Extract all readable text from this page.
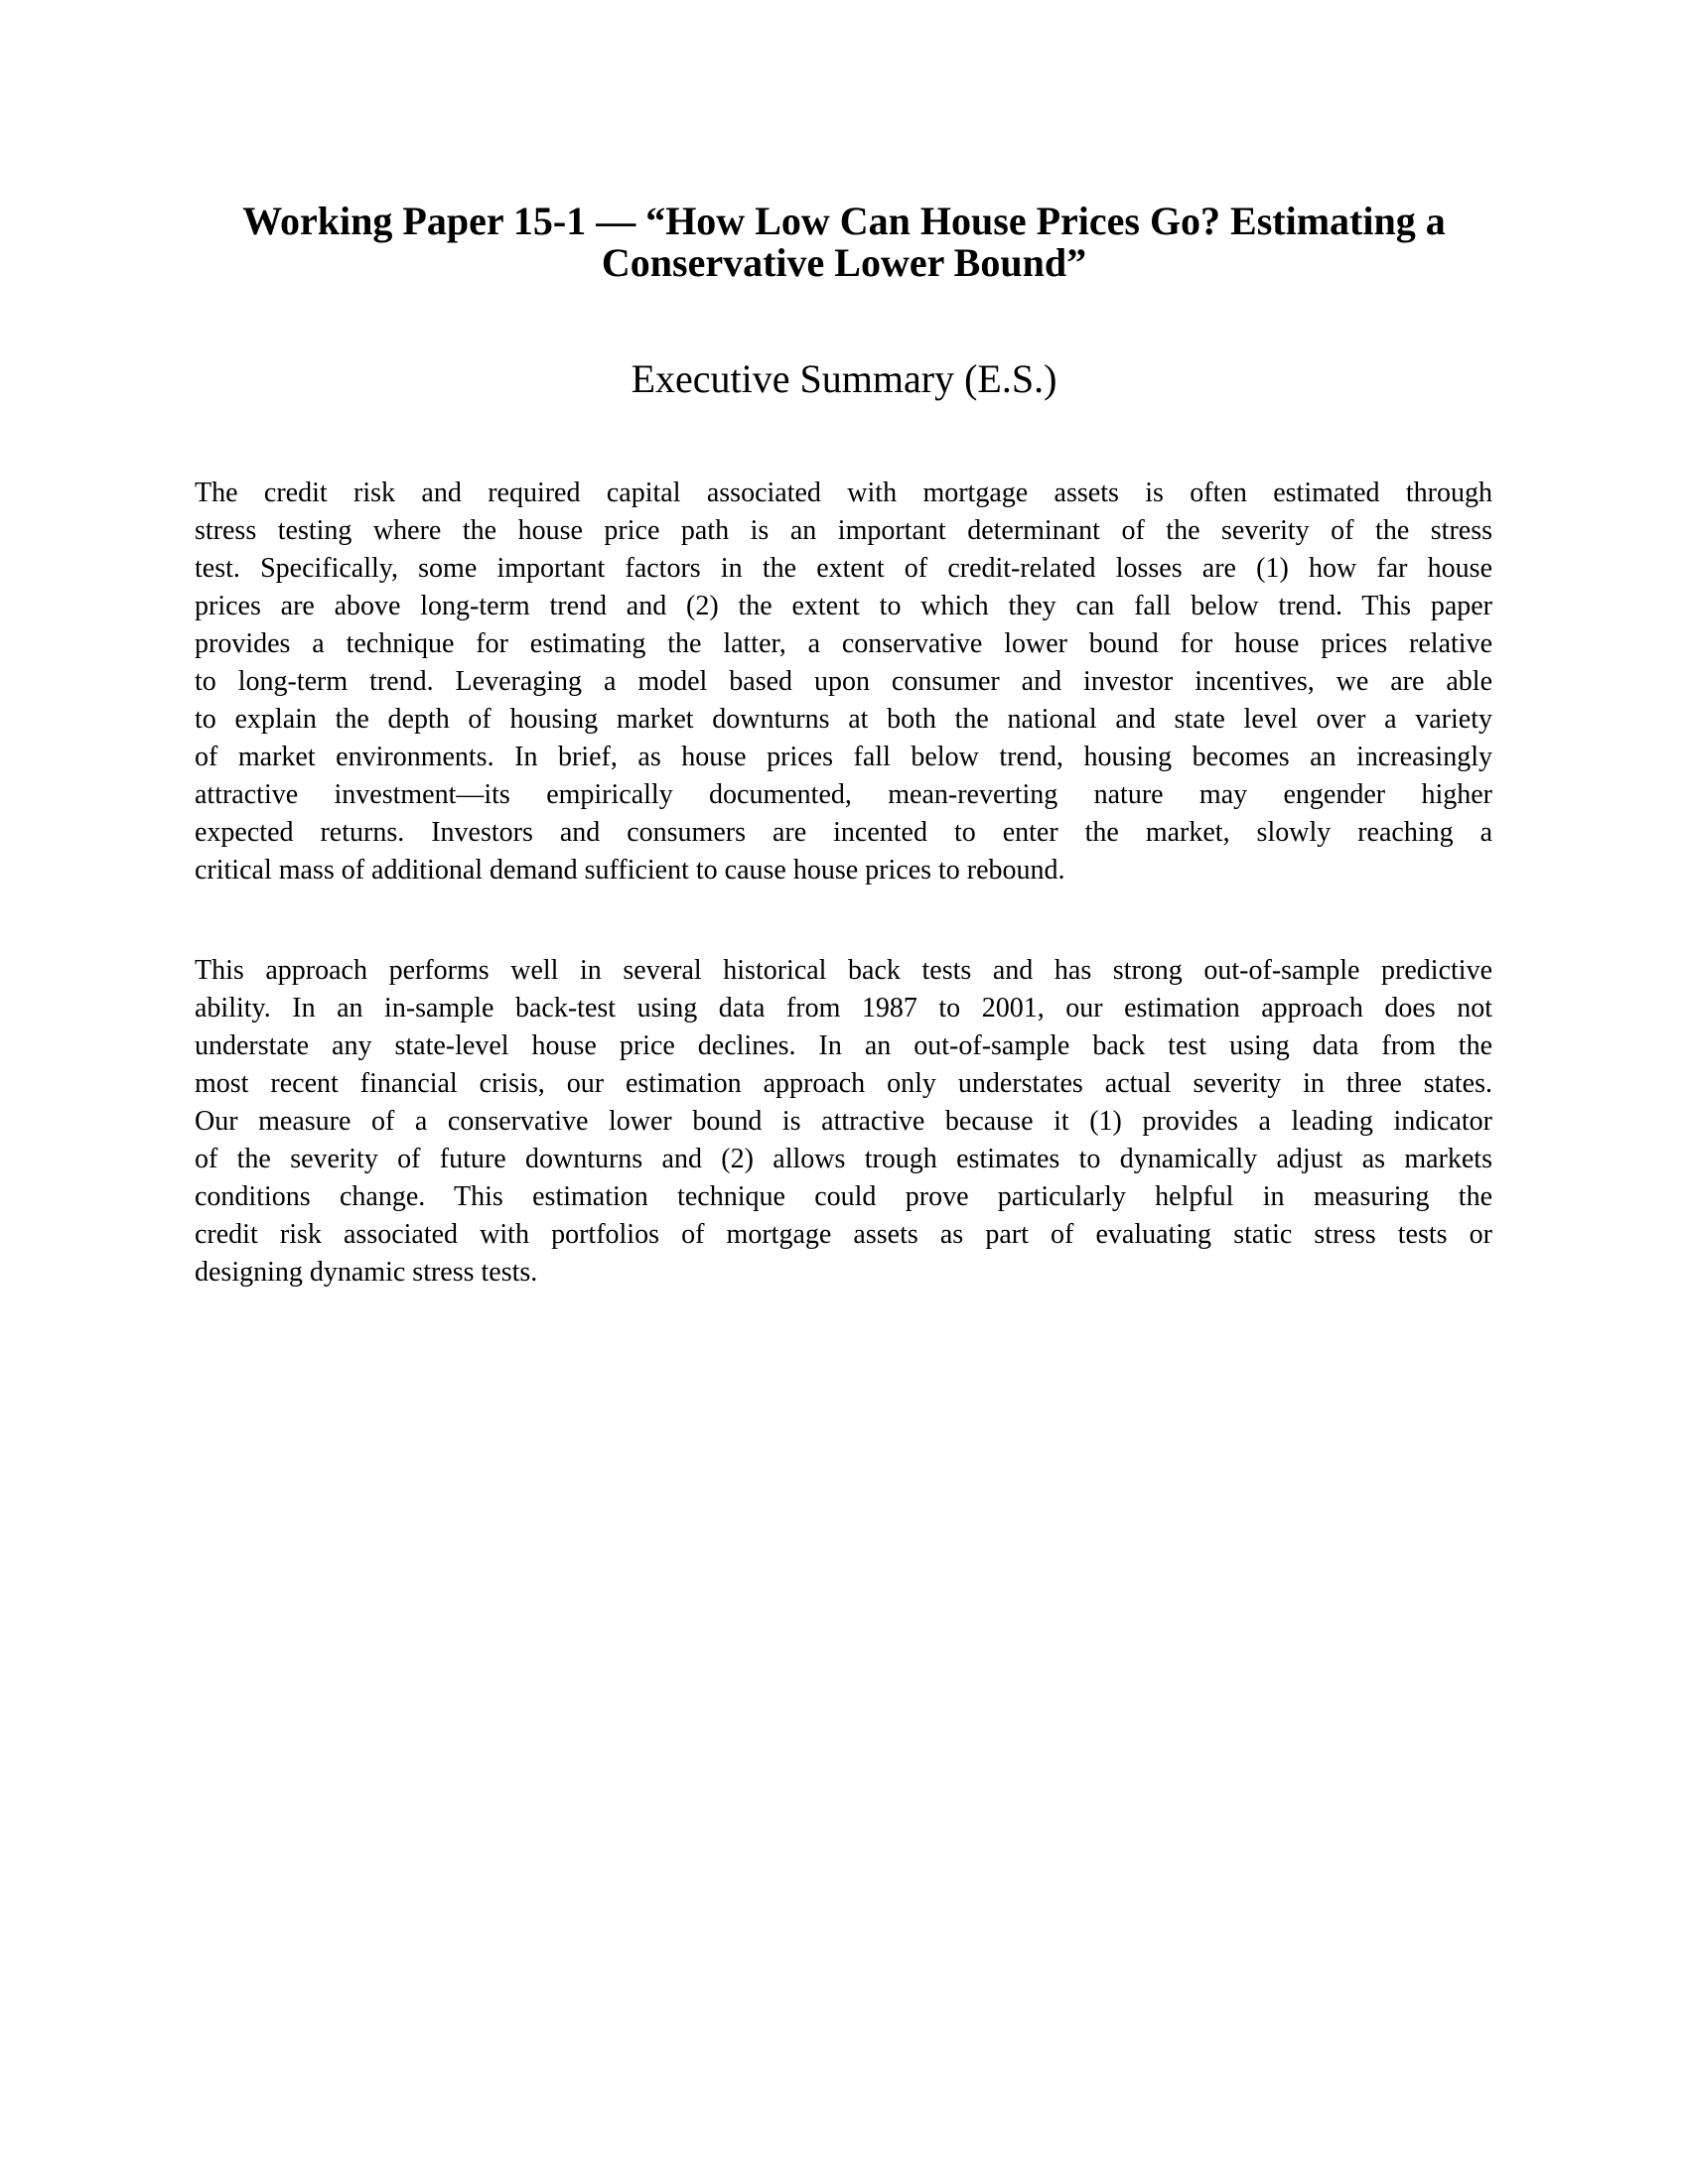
Working Paper 15-1 — “How Low Can House Prices Go? Estimating a
Conservative Lower Bound”
Executive Summary (E.S.)
The credit risk and required capital associated with mortgage assets is often estimated through
stress testing where the house price path is an important determinant of the severity of the stress
test. Specifically, some important factors in the extent of credit-related losses are (1) how far house
prices are above long-term trend and (2) the extent to which they can fall below trend. This paper
provides a technique for estimating the latter, a conservative lower bound for house prices relative
to long-term trend. Leveraging a model based upon consumer and investor incentives, we are able
to explain the depth of housing market downturns at both the national and state level over a variety
of market environments. In brief, as house prices fall below trend, housing becomes an increasingly
attractive investment—its empirically documented, mean-reverting nature may engender higher
expected returns. Investors and consumers are incented to enter the market, slowly reaching a
critical mass of additional demand sufficient to cause house prices to rebound.
This approach performs well in several historical back tests and has strong out-of-sample predictive
ability. In an in-sample back-test using data from 1987 to 2001, our estimation approach does not
understate any state-level house price declines. In an out-of-sample back test using data from the
most recent financial crisis, our estimation approach only understates actual severity in three states.
Our measure of a conservative lower bound is attractive because it (1) provides a leading indicator
of the severity of future downturns and (2) allows trough estimates to dynamically adjust as markets
conditions change. This estimation technique could prove particularly helpful in measuring the
credit risk associated with portfolios of mortgage assets as part of evaluating static stress tests or
designing dynamic stress tests.
